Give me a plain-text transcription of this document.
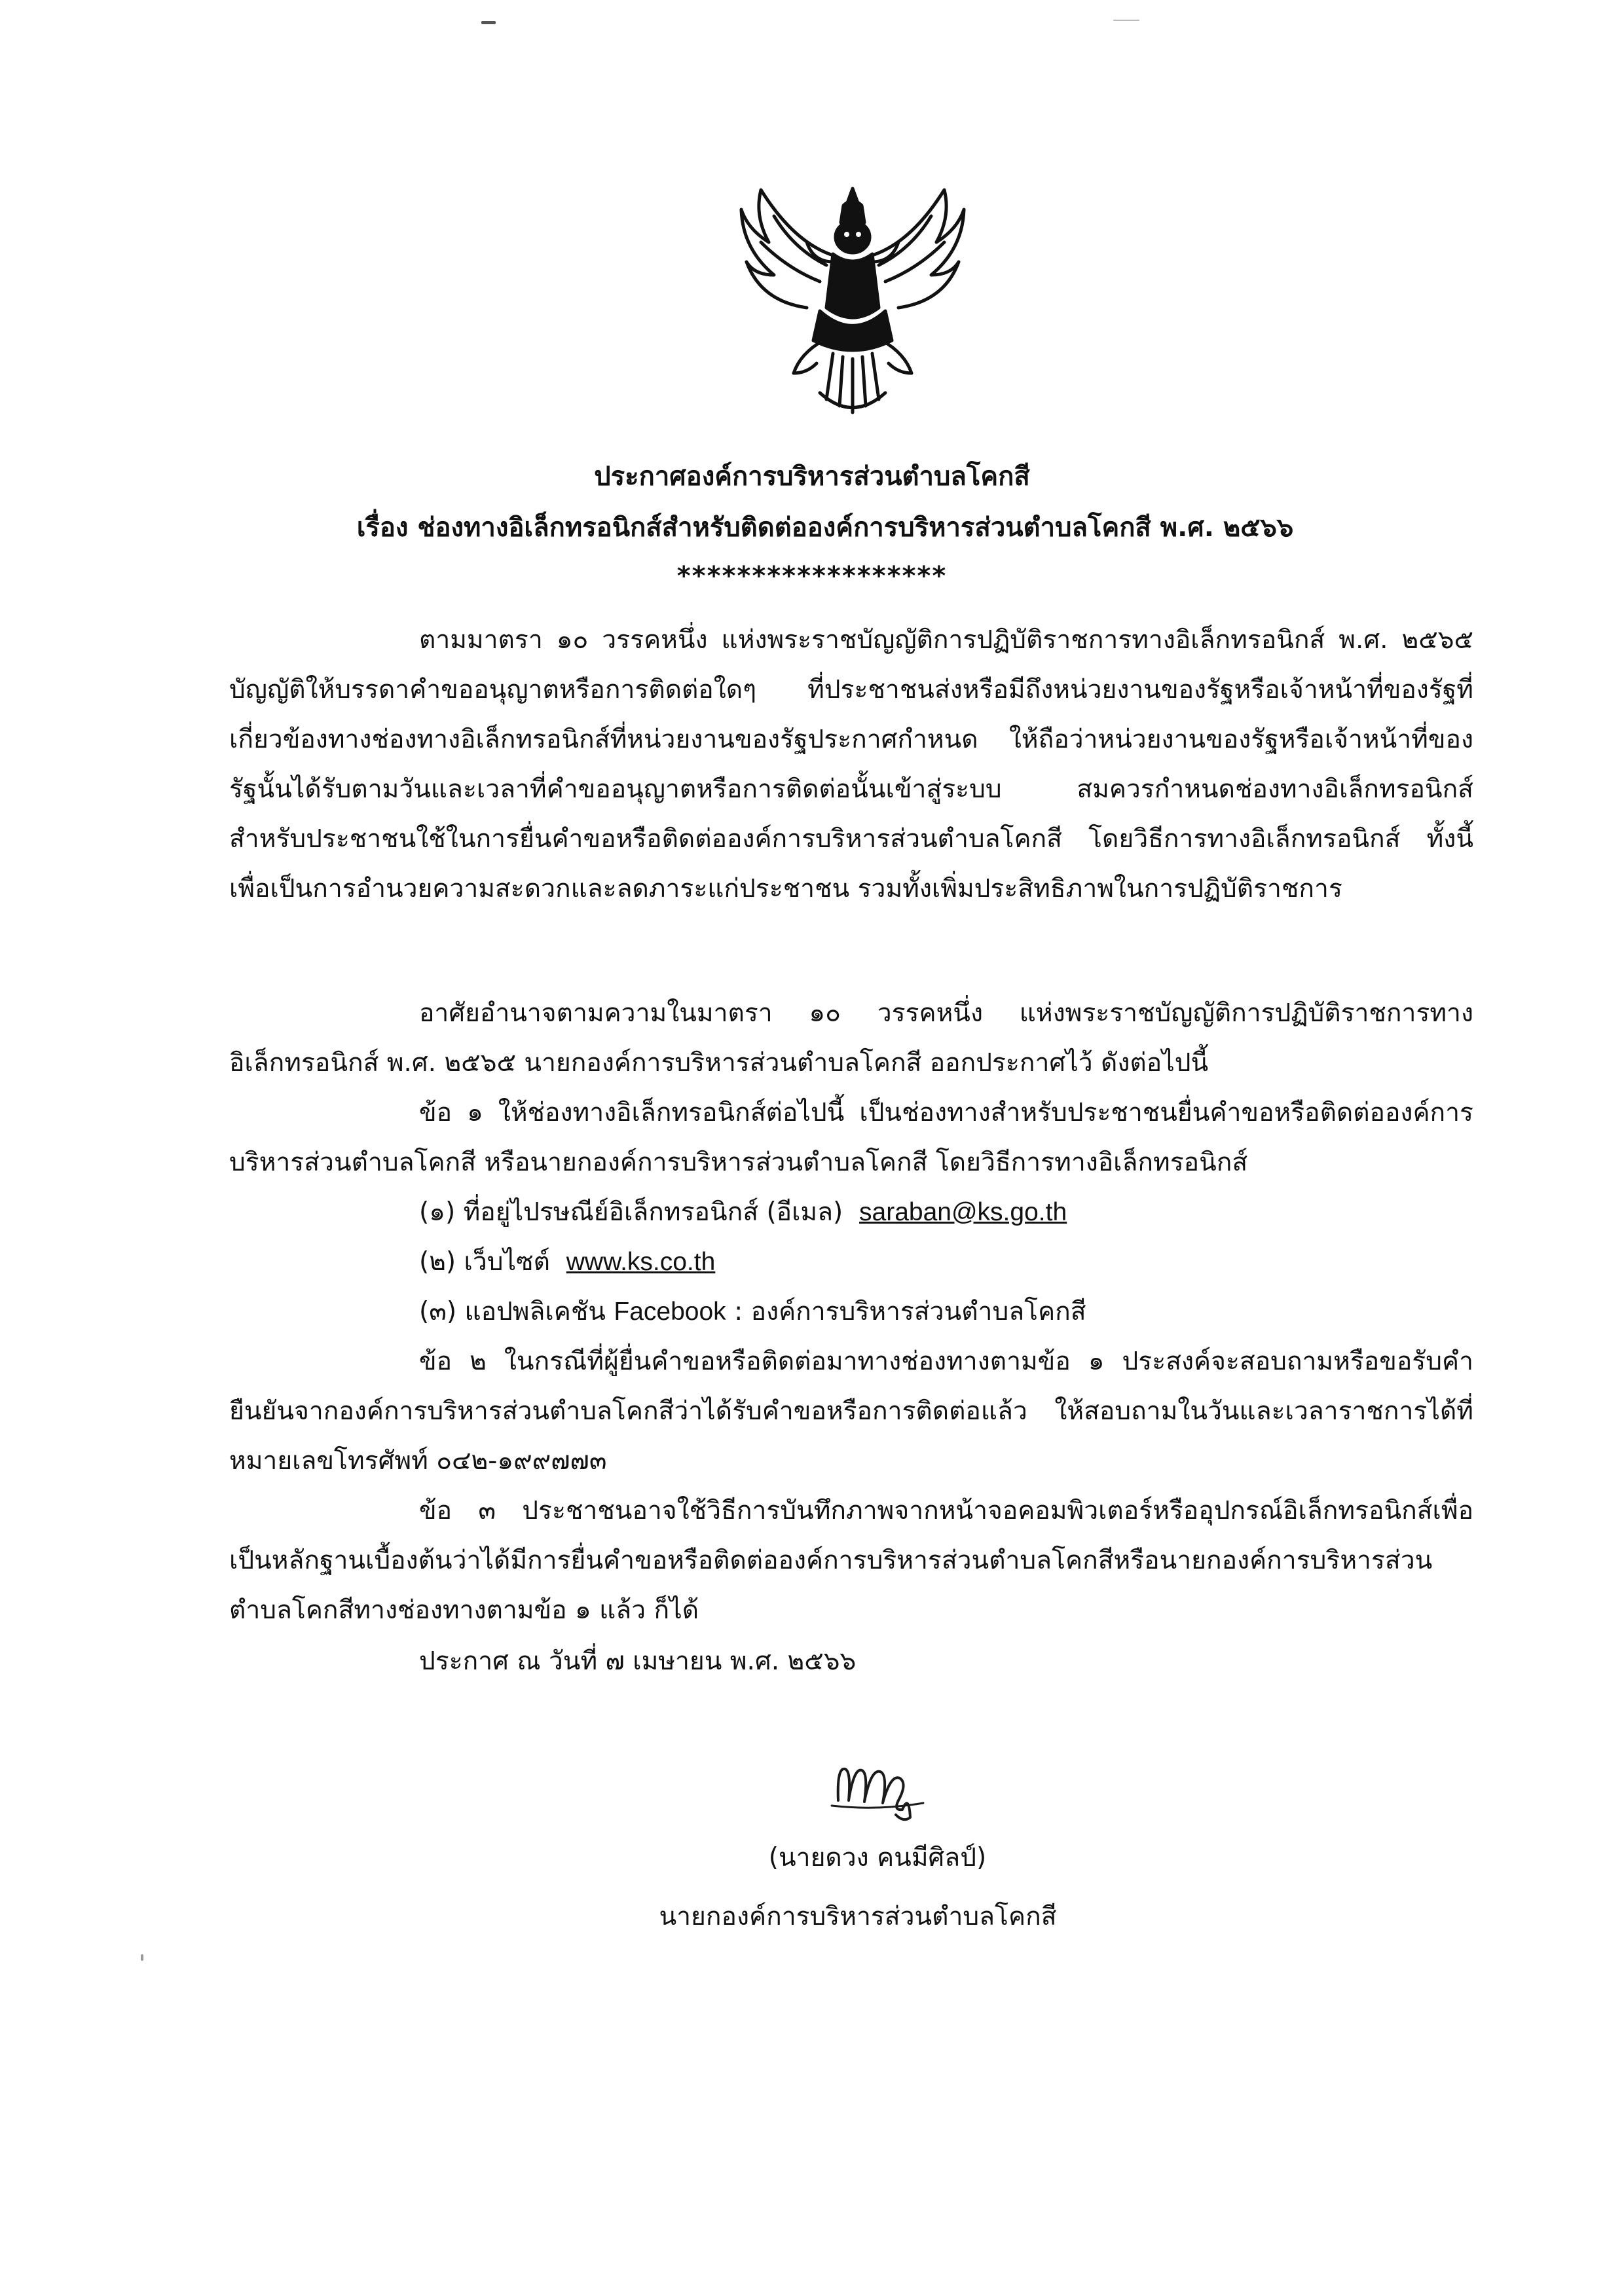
ประกาศองค์การบริหารส่วนตำบลโคกสี
เรื่อง ช่องทางอิเล็กทรอนิกส์สำหรับติดต่อองค์การบริหารส่วนตำบลโคกสี พ.ศ. ๒๕๖๖
******************

ตามมาตรา ๑๐ วรรคหนึ่ง แห่งพระราชบัญญัติการปฏิบัติราชการทางอิเล็กทรอนิกส์ พ.ศ. ๒๕๖๕ บัญญัติให้บรรดาคำขออนุญาตหรือการติดต่อใดๆ ที่ประชาชนส่งหรือมีถึงหน่วยงานของรัฐหรือเจ้าหน้าที่ของรัฐที่เกี่ยวข้องทางช่องทางอิเล็กทรอนิกส์ที่หน่วยงานของรัฐประกาศกำหนด ให้ถือว่าหน่วยงานของรัฐหรือเจ้าหน้าที่ของรัฐนั้นได้รับตามวันและเวลาที่คำขออนุญาตหรือการติดต่อนั้นเข้าสู่ระบบ สมควรกำหนดช่องทางอิเล็กทรอนิกส์สำหรับประชาชนใช้ในการยื่นคำขอหรือติดต่อองค์การบริหารส่วนตำบลโคกสี โดยวิธีการทางอิเล็กทรอนิกส์ ทั้งนี้ เพื่อเป็นการอำนวยความสะดวกและลดภาระแก่ประชาชน รวมทั้งเพิ่มประสิทธิภาพในการปฏิบัติราชการ

อาศัยอำนาจตามความในมาตรา ๑๐ วรรคหนึ่ง แห่งพระราชบัญญัติการปฏิบัติราชการทางอิเล็กทรอนิกส์ พ.ศ. ๒๕๖๕ นายกองค์การบริหารส่วนตำบลโคกสี ออกประกาศไว้ ดังต่อไปนี้

ข้อ ๑ ให้ช่องทางอิเล็กทรอนิกส์ต่อไปนี้ เป็นช่องทางสำหรับประชาชนยื่นคำขอหรือติดต่อองค์การบริหารส่วนตำบลโคกสี หรือนายกองค์การบริหารส่วนตำบลโคกสี โดยวิธีการทางอิเล็กทรอนิกส์

(๑) ที่อยู่ไปรษณีย์อิเล็กทรอนิกส์ (อีเมล) saraban@ks.go.th

(๒) เว็บไซต์ www.ks.co.th

(๓) แอปพลิเคชัน Facebook : องค์การบริหารส่วนตำบลโคกสี

ข้อ ๒ ในกรณีที่ผู้ยื่นคำขอหรือติดต่อมาทางช่องทางตามข้อ ๑ ประสงค์จะสอบถามหรือขอรับคำยืนยันจากองค์การบริหารส่วนตำบลโคกสีว่าได้รับคำขอหรือการติดต่อแล้ว ให้สอบถามในวันและเวลาราชการได้ที่หมายเลขโทรศัพท์ ๐๔๒-๑๙๙๗๗๓

ข้อ ๓ ประชาชนอาจใช้วิธีการบันทึกภาพจากหน้าจอคอมพิวเตอร์หรืออุปกรณ์อิเล็กทรอนิกส์เพื่อเป็นหลักฐานเบื้องต้นว่าได้มีการยื่นคำขอหรือติดต่อองค์การบริหารส่วนตำบลโคกสีหรือนายกองค์การบริหารส่วนตำบลโคกสีทางช่องทางตามข้อ ๑ แล้ว ก็ได้

ประกาศ ณ วันที่ ๗ เมษายน พ.ศ. ๒๕๖๖
(นายดวง คนมีศิลป์)
นายกองค์การบริหารส่วนตำบลโคกสี
